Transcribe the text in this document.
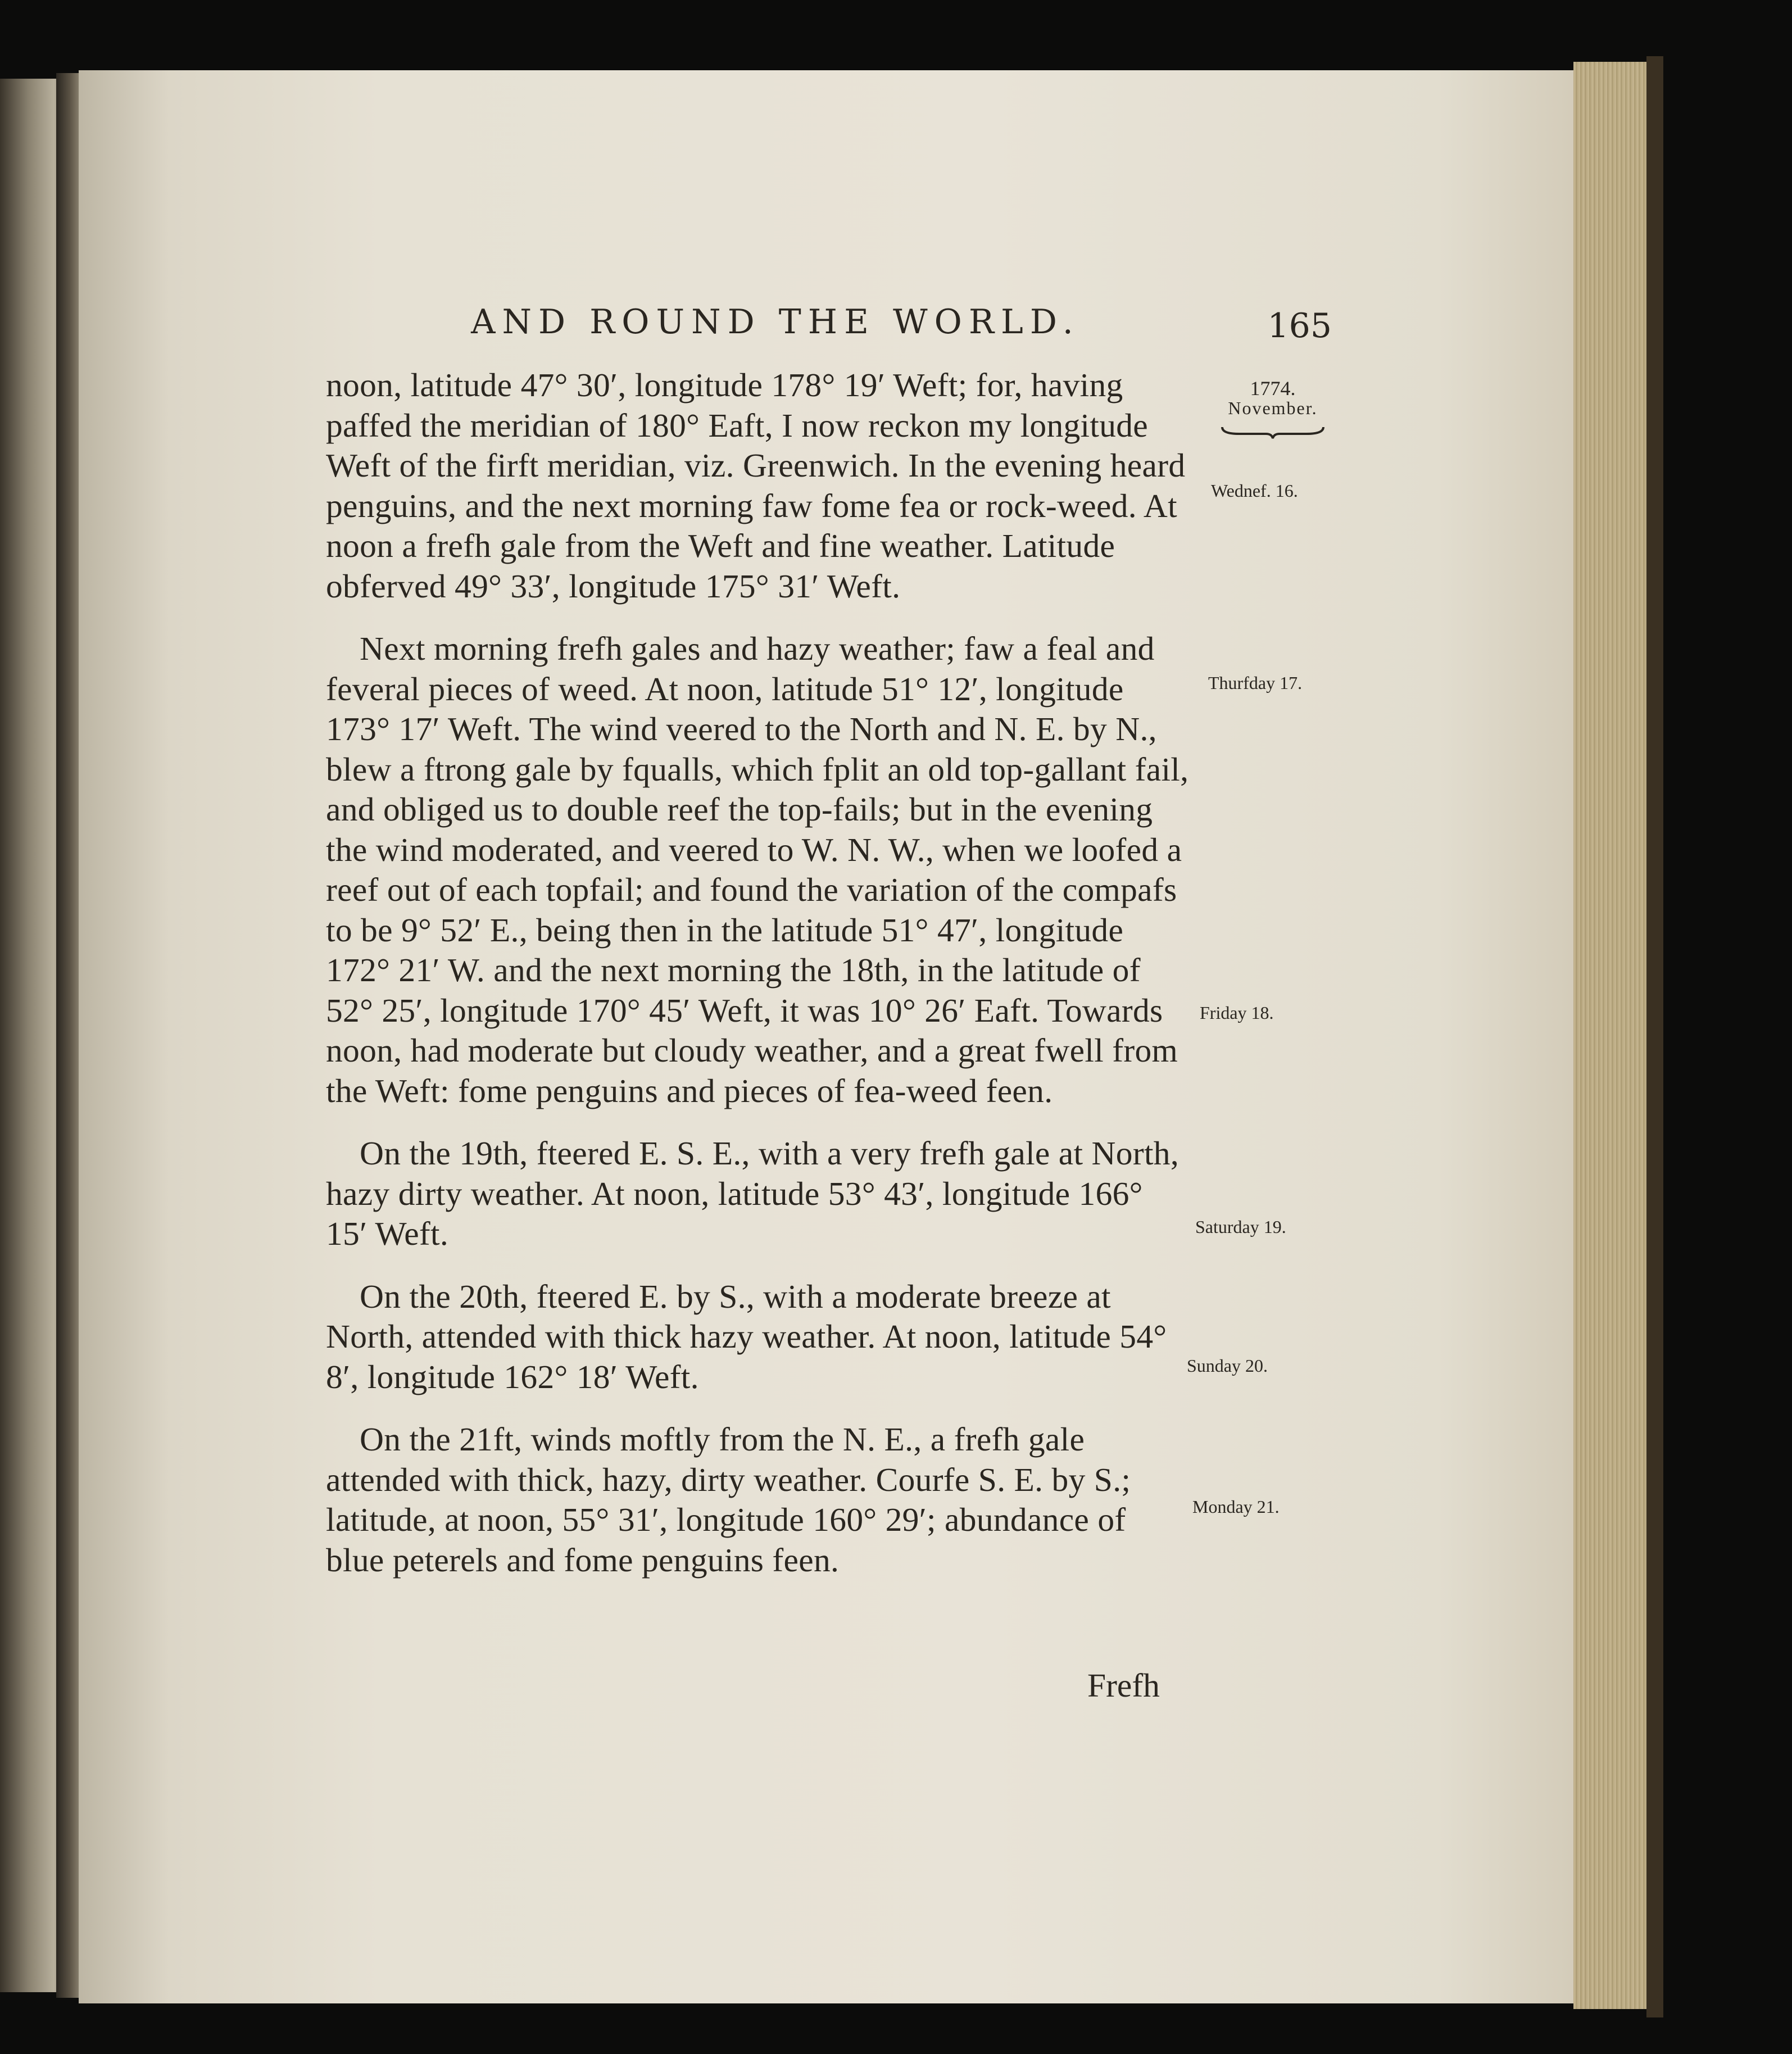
AND ROUND THE WORLD.	165
1774.
November.
Wednef. 16.
Thurfday 17.
Friday 18.
Saturday 19.
Sunday 20.
Monday 21.

noon, latitude 47° 30′, longitude 178° 19′ Weft; for, having paffed the meridian of 180° Eaft, I now reckon my longitude Weft of the firft meridian, viz. Greenwich. In the evening heard penguins, and the next morning faw fome fea or rock-weed. At noon a frefh gale from the Weft and fine weather. Latitude obferved 49° 33′, longitude 175° 31′ Weft.

Next morning frefh gales and hazy weather; faw a feal and feveral pieces of weed. At noon, latitude 51° 12′, longitude 173° 17′ Weft. The wind veered to the North and N. E. by N., blew a ftrong gale by fqualls, which fplit an old top-gallant fail, and obliged us to double reef the top-fails; but in the evening the wind moderated, and veered to W. N. W., when we loofed a reef out of each topfail; and found the variation of the compafs to be 9° 52′ E., being then in the latitude 51° 47′, longitude 172° 21′ W. and the next morning the 18th, in the latitude of 52° 25′, longitude 170° 45′ Weft, it was 10° 26′ Eaft. Towards noon, had moderate but cloudy weather, and a great fwell from the Weft: fome penguins and pieces of fea-weed feen.

On the 19th, fteered E. S. E., with a very frefh gale at North, hazy dirty weather. At noon, latitude 53° 43′, longitude 166° 15′ Weft.

On the 20th, fteered E. by S., with a moderate breeze at North, attended with thick hazy weather. At noon, latitude 54° 8′, longitude 162° 18′ Weft.

On the 21ft, winds moftly from the N. E., a frefh gale attended with thick, hazy, dirty weather. Courfe S. E. by S.; latitude, at noon, 55° 31′, longitude 160° 29′; abundance of blue peterels and fome penguins feen.

Frefh
